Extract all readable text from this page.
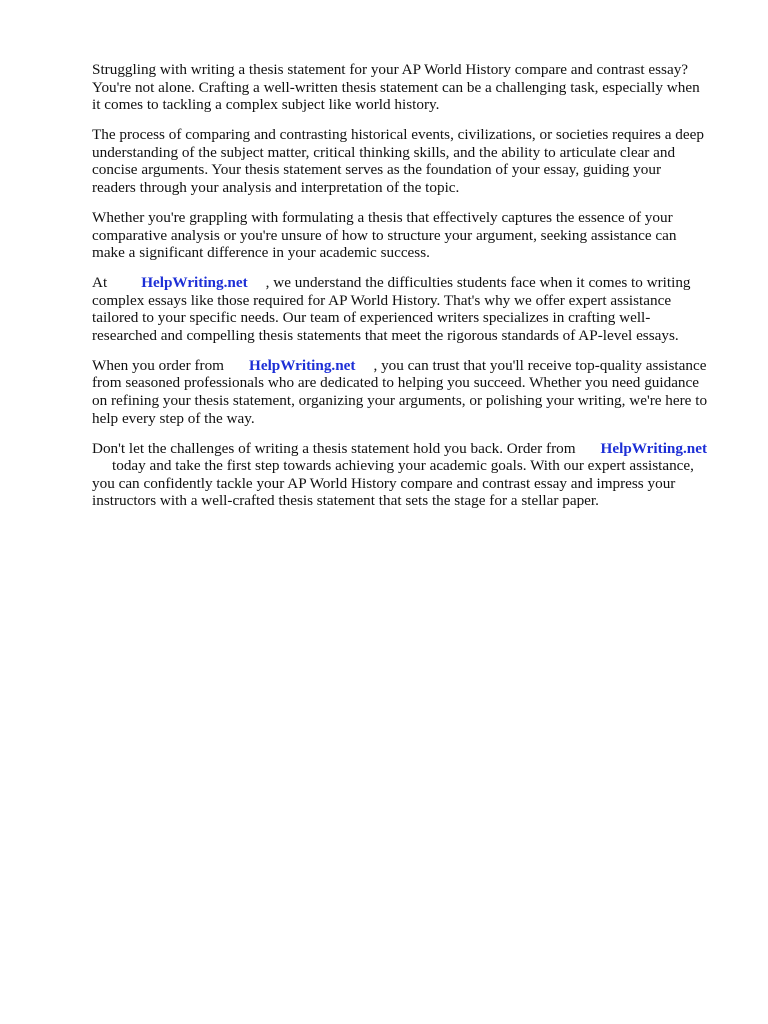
Struggling with writing a thesis statement for your AP World History compare and contrast essay?
You're not alone. Crafting a well-written thesis statement can be a challenging task, especially when
it comes to tackling a complex subject like world history.

The process of comparing and contrasting historical events, civilizations, or societies requires a deep
understanding of the subject matter, critical thinking skills, and the ability to articulate clear and
concise arguments. Your thesis statement serves as the foundation of your essay, guiding your
readers through your analysis and interpretation of the topic.

Whether you're grappling with formulating a thesis that effectively captures the essence of your
comparative analysis or you're unsure of how to structure your argument, seeking assistance can
make a significant difference in your academic success.

At HelpWriting.net , we understand the difficulties students face when it comes to writing
complex essays like those required for AP World History. That's why we offer expert assistance
tailored to your specific needs. Our team of experienced writers specializes in crafting well-
researched and compelling thesis statements that meet the rigorous standards of AP-level essays.

When you order from HelpWriting.net , you can trust that you'll receive top-quality assistance
from seasoned professionals who are dedicated to helping you succeed. Whether you need guidance
on refining your thesis statement, organizing your arguments, or polishing your writing, we're here to
help every step of the way.

Don't let the challenges of writing a thesis statement hold you back. Order from HelpWriting.net
today and take the first step towards achieving your academic goals. With our expert assistance,
you can confidently tackle your AP World History compare and contrast essay and impress your
instructors with a well-crafted thesis statement that sets the stage for a stellar paper.
